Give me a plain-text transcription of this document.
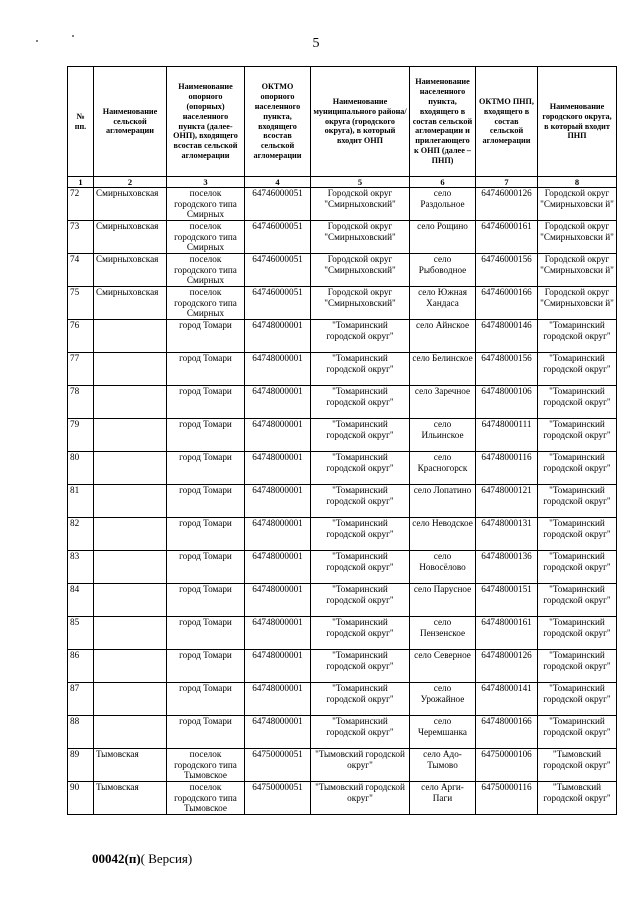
5
№ пп.	Наименование сельской агломерации	Наименование опорного (опорных) населенного пункта (далее-ОНП), входящего всостав сельской агломерации	ОКТМО опорного населенного пункта, входящего всостав сельской агломерации	Наименование муниципального района/округа (городского округа), в который входит ОНП	Наименование населенного пункта, входящего в состав сельской агломерации и прилегающего к ОНП (далее – ПНП)	ОКТМО ПНП, входящего в состав сельской агломерации	Наименование городского округа, в который входит ПНП
1	2	3	4	5	6	7	8
72	Смирныховская	поселок городского типа Смирных	64746000051	Городской округ "Смирныховский"	село Раздольное	64746000126	Городской округ "Смирныховски й"
73	Смирныховская	поселок городского типа Смирных	64746000051	Городской округ "Смирныховский"	село Рощино	64746000161	Городской округ "Смирныховски й"
74	Смирныховская	поселок городского типа Смирных	64746000051	Городской округ "Смирныховский"	село Рыбоводное	64746000156	Городской округ "Смирныховски й"
75	Смирныховская	поселок городского типа Смирных	64746000051	Городской округ "Смирныховский"	село Южная Хандаса	64746000166	Городской округ "Смирныховски й"
76		город Томари	64748000001	"Томаринский городской округ"	село Айнское	64748000146	"Томаринский городской округ"
77		город Томари	64748000001	"Томаринский городской округ"	село Белинское	64748000156	"Томаринский городской округ"
78		город Томари	64748000001	"Томаринский городской округ"	село Заречное	64748000106	"Томаринский городской округ"
79		город Томари	64748000001	"Томаринский городской округ"	село Ильинское	64748000111	"Томаринский городской округ"
80		город Томари	64748000001	"Томаринский городской округ"	село Красногорск	64748000116	"Томаринский городской округ"
81		город Томари	64748000001	"Томаринский городской округ"	село Лопатино	64748000121	"Томаринский городской округ"
82		город Томари	64748000001	"Томаринский городской округ"	село Неводское	64748000131	"Томаринский городской округ"
83		город Томари	64748000001	"Томаринский городской округ"	село Новосёлово	64748000136	"Томаринский городской округ"
84		город Томари	64748000001	"Томаринский городской округ"	село Парусное	64748000151	"Томаринский городской округ"
85		город Томари	64748000001	"Томаринский городской округ"	село Пензенское	64748000161	"Томаринский городской округ"
86		город Томари	64748000001	"Томаринский городской округ"	село Северное	64748000126	"Томаринский городской округ"
87		город Томари	64748000001	"Томаринский городской округ"	село Урожайное	64748000141	"Томаринский городской округ"
88		город Томари	64748000001	"Томаринский городской округ"	село Черемшанка	64748000166	"Томаринский городской округ"
89	Тымовская	поселок городского типа Тымовское	64750000051	"Тымовский городской округ"	село Адо-Тымово	64750000106	"Тымовский городской округ"
90	Тымовская	поселок городского типа Тымовское	64750000051	"Тымовский городской округ"	село Арги-Паги	64750000116	"Тымовский городской округ"
00042(п)( Версия)
